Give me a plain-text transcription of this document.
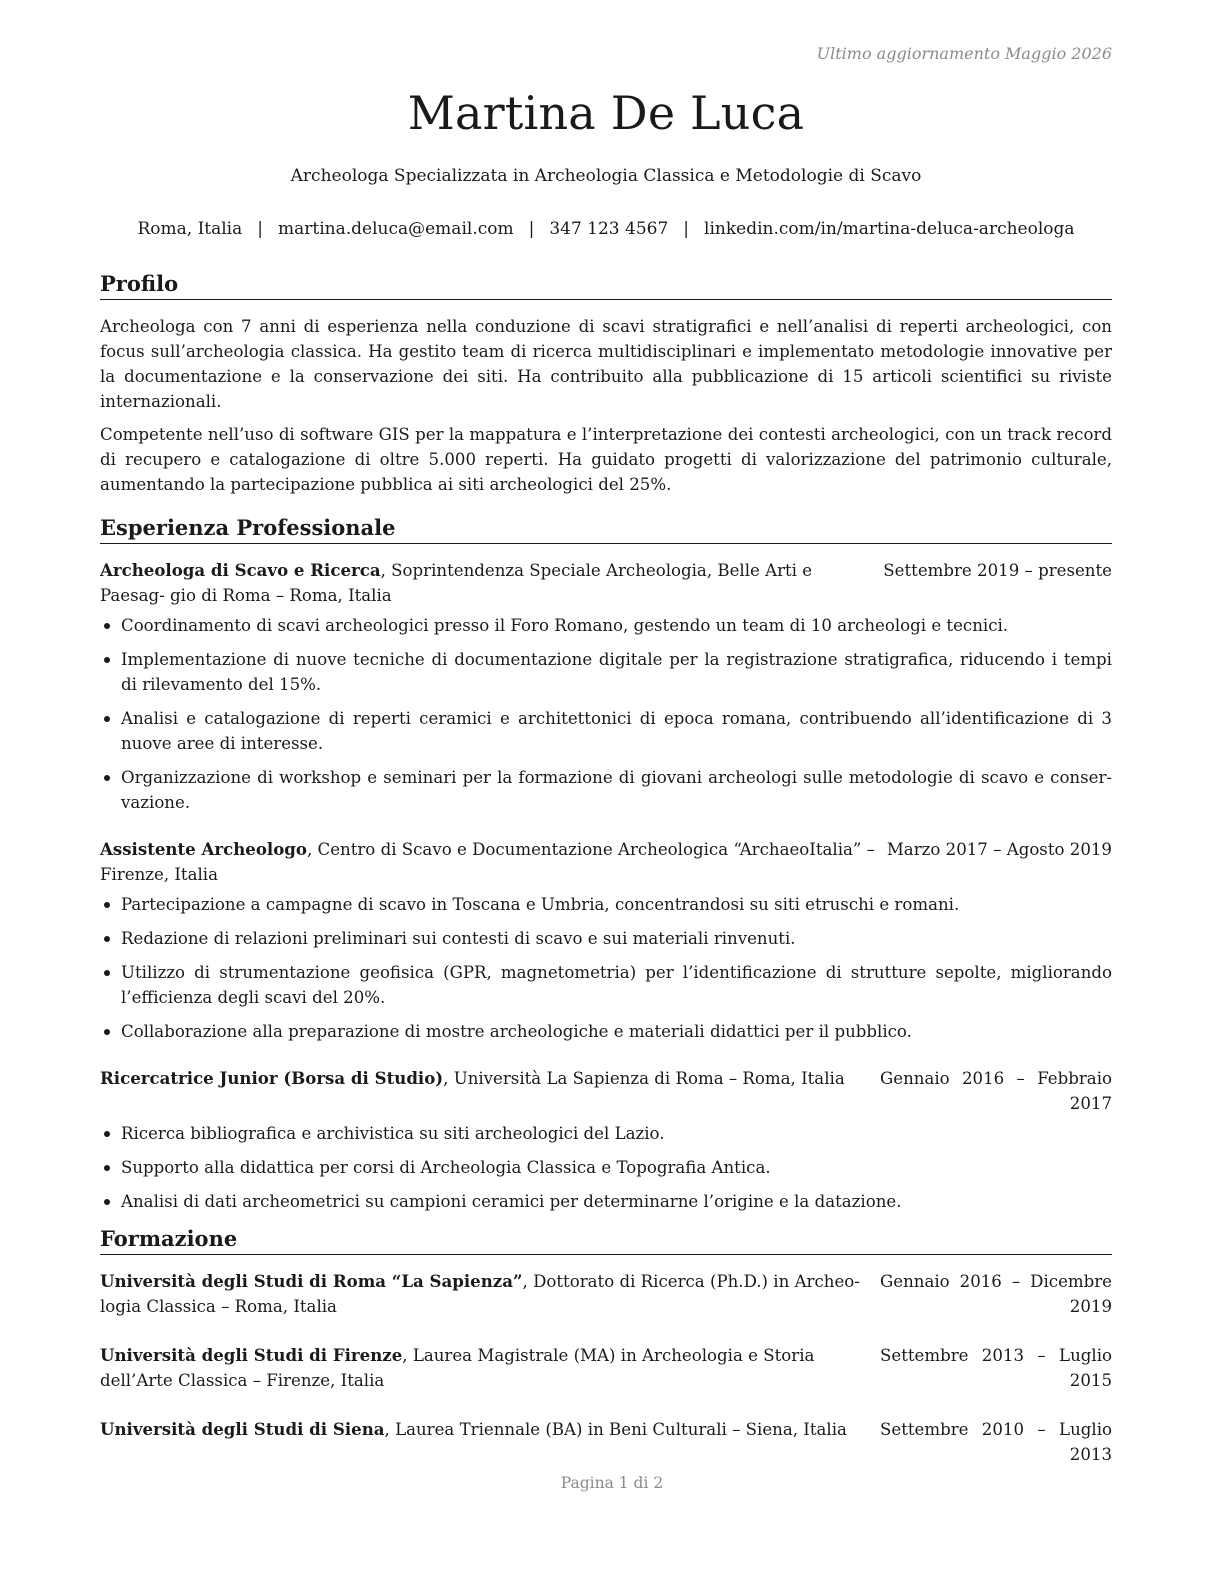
Ultimo aggiornamento Maggio 2026
Martina De Luca
Archeologa Specializzata in Archeologia Classica e Metodologie di Scavo
Roma, Italia | martina.deluca@email.com | 347 123 4567 | linkedin.com/in/martina-deluca-archeologa
Profilo

Archeologa con 7 anni di esperienza nella conduzione di scavi stratigrafici e nell’analisi di reperti archeologici, con focus sull’archeologia classica. Ha gestito team di ricerca multidisciplinari e implementato metodologie innovative per la documentazione e la conservazione dei siti. Ha contribuito alla pubblicazione di 15 articoli scientifici su riviste internazionali.

Competente nell’uso di software GIS per la mappatura e l’interpretazione dei contesti archeologici, con un track record di recupero e catalogazione di oltre 5.000 reperti. Ha guidato progetti di valorizzazione del patrimonio culturale, aumentando la partecipazione pubblica ai siti archeologici del 25%.

Esperienza Professionale
Archeologa di Scavo e Ricerca, Soprintendenza Speciale Archeologia, Belle Arti e Paesag- gio di Roma – Roma, Italia
Settembre 2019 – presente
Coordinamento di scavi archeologici presso il Foro Romano, gestendo un team di 10 archeologi e tecnici.
Implementazione di nuove tecniche di documentazione digitale per la registrazione stratigrafica, riducendo i tempi di rilevamento del 15%.
Analisi e catalogazione di reperti ceramici e architettonici di epoca romana, contribuendo all’identificazione di 3 nuove aree di interesse.
Organizzazione di workshop e seminari per la formazione di giovani archeologi sulle metodologie di scavo e conser- vazione.
Assistente Archeologo, Centro di Scavo e Documentazione Archeologica “ArchaeoItalia” – Firenze, Italia
Marzo 2017 – Agosto 2019
Partecipazione a campagne di scavo in Toscana e Umbria, concentrandosi su siti etruschi e romani.
Redazione di relazioni preliminari sui contesti di scavo e sui materiali rinvenuti.
Utilizzo di strumentazione geofisica (GPR, magnetometria) per l’identificazione di strutture sepolte, migliorando l’efficienza degli scavi del 20%.
Collaborazione alla preparazione di mostre archeologiche e materiali didattici per il pubblico.
Ricercatrice Junior (Borsa di Studio), Università La Sapienza di Roma – Roma, Italia	Gennaio 2016 – Febbraio 2017
Ricerca bibliografica e archivistica su siti archeologici del Lazio.
Supporto alla didattica per corsi di Archeologia Classica e Topografia Antica.
Analisi di dati archeometrici su campioni ceramici per determinarne l’origine e la datazione.
Formazione
Università degli Studi di Roma “La Sapienza”, Dottorato di Ricerca (Ph.D.) in Archeo- logia Classica – Roma, Italia
Gennaio 2016 – Dicembre 2019
Università degli Studi di Firenze, Laurea Magistrale (MA) in Archeologia e Storia dell’Arte Classica – Firenze, Italia
Settembre 2013 – Luglio 2015
Università degli Studi di Siena, Laurea Triennale (BA) in Beni Culturali – Siena, Italia	Settembre 2010 – Luglio 2013
Pagina 1 di 2
